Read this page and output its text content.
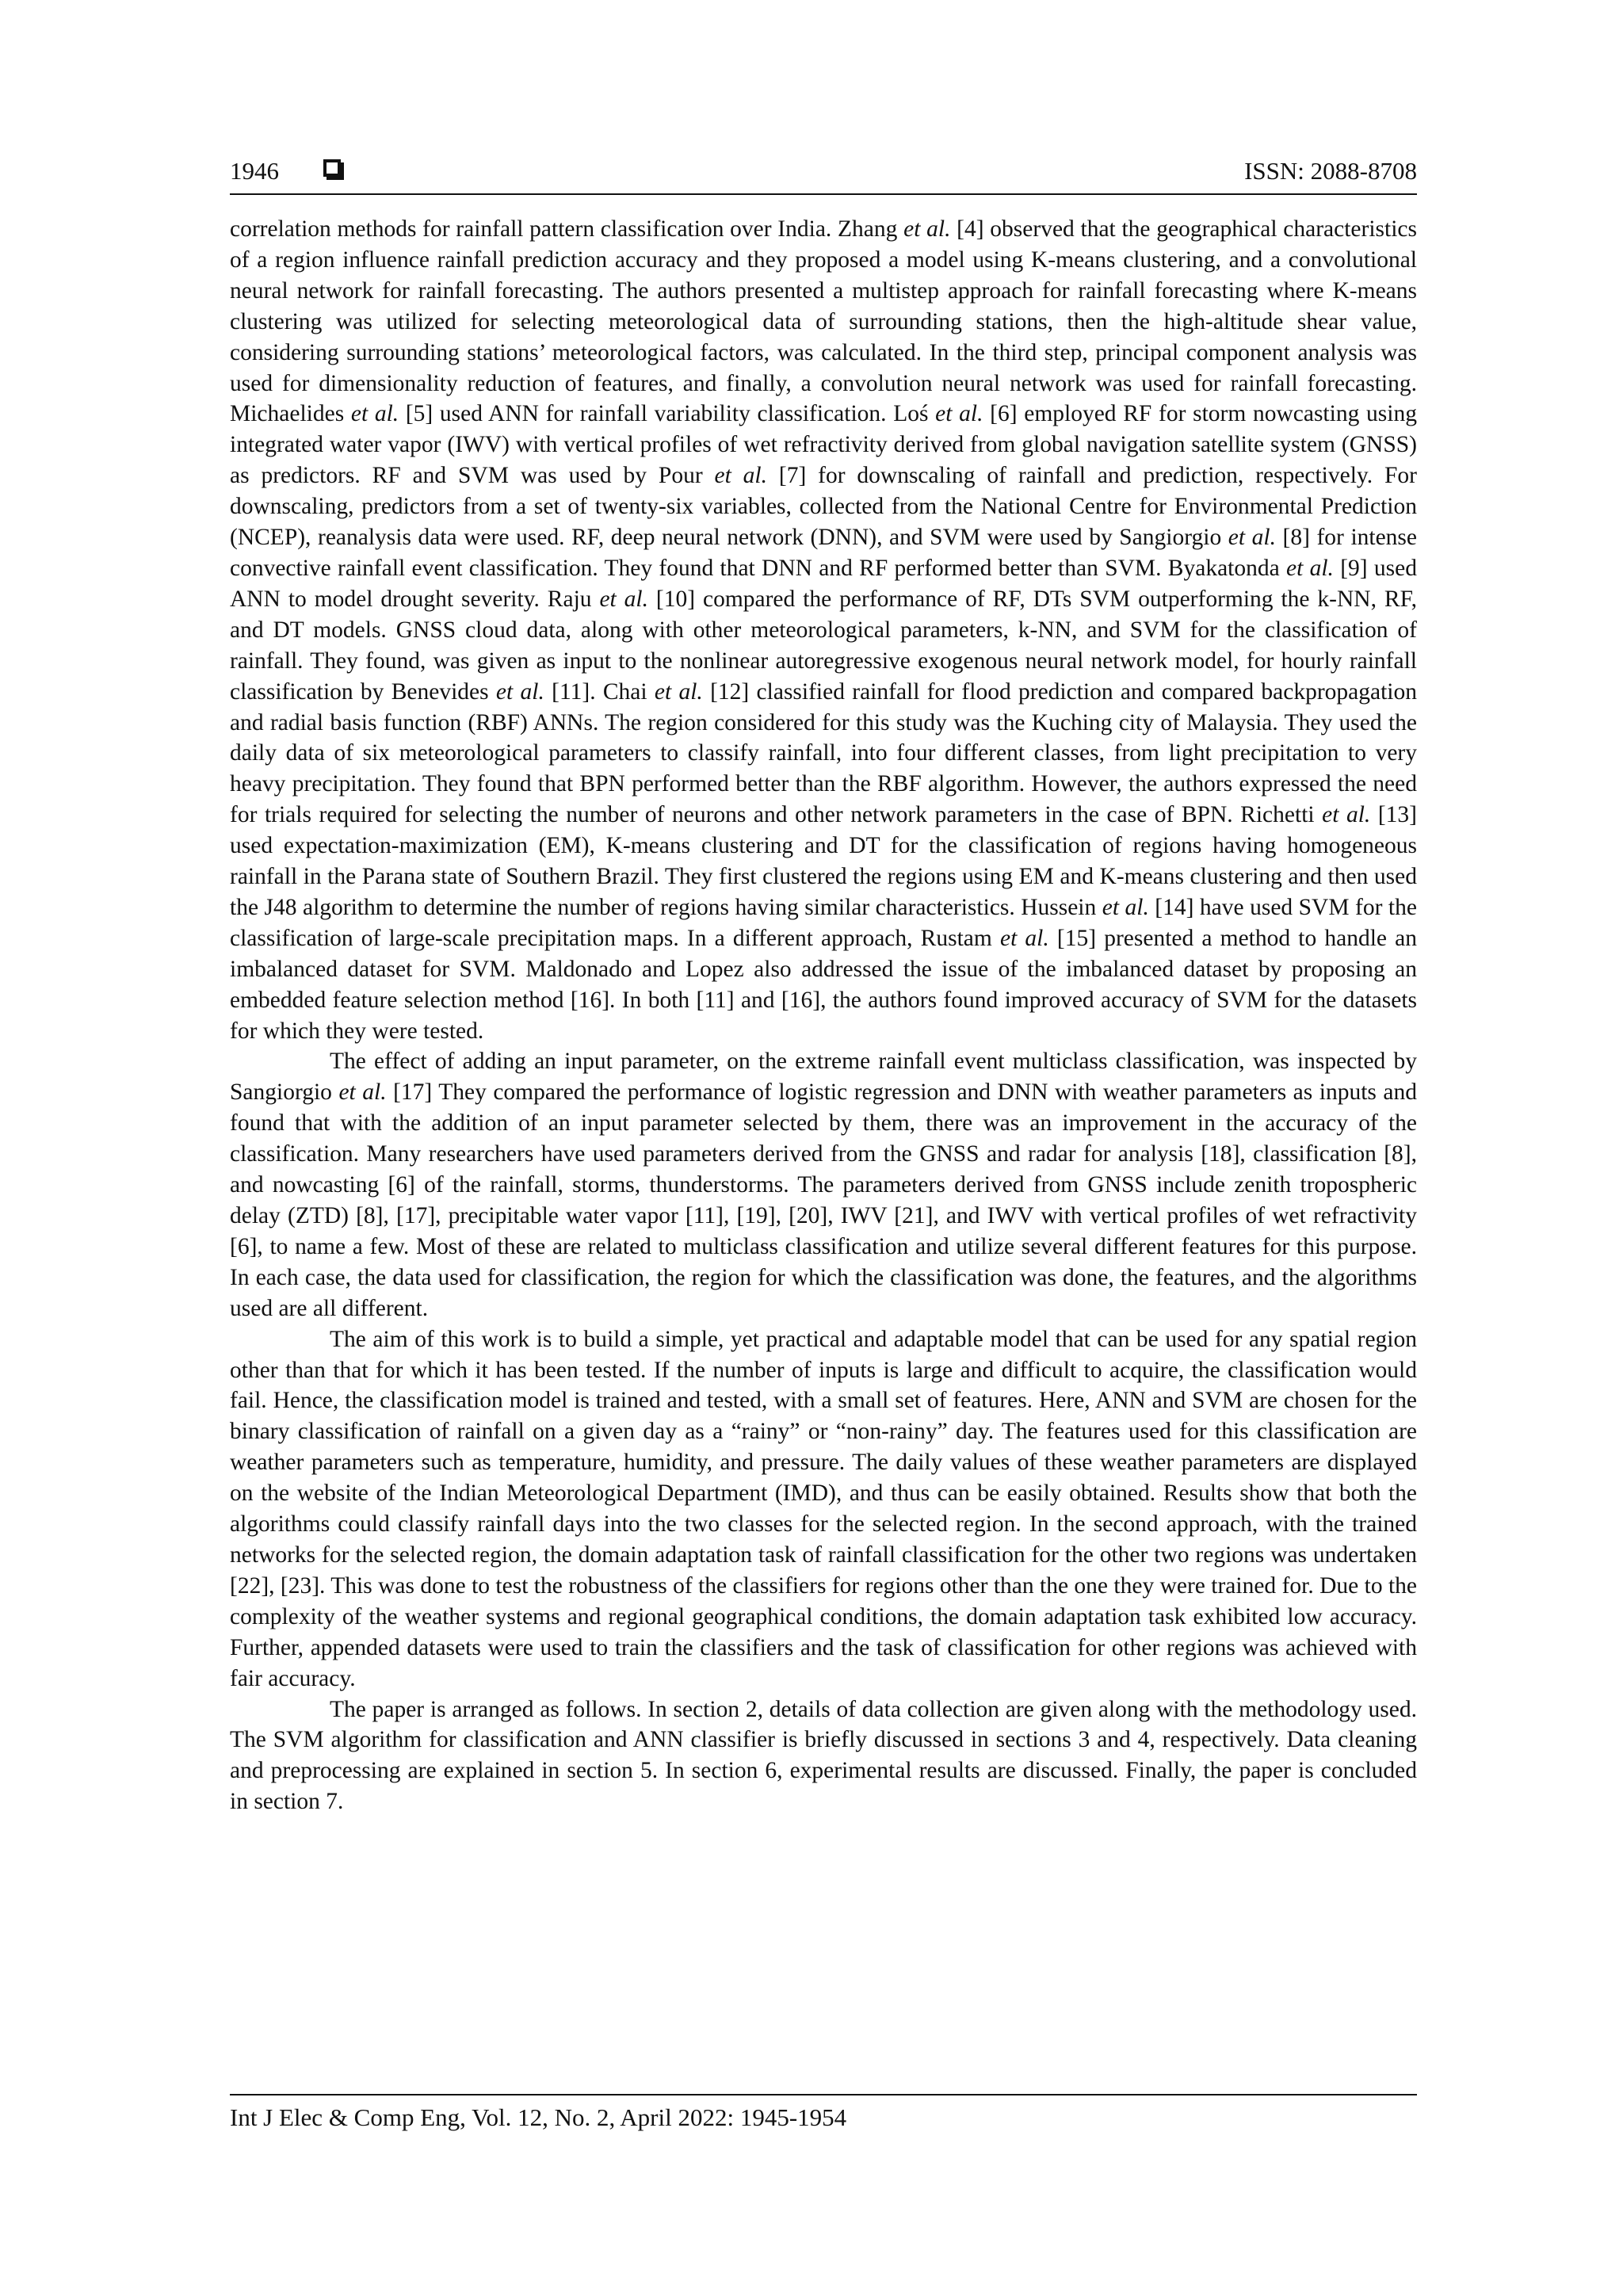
1946	ISSN: 2088-8708

correlation methods for rainfall pattern classification over India. Zhang et al. [4] observed that the geographical characteristics of a region influence rainfall prediction accuracy and they proposed a model using K-means clustering, and a convolutional neural network for rainfall forecasting. The authors presented a multistep approach for rainfall forecasting where K-means clustering was utilized for selecting meteorological data of surrounding stations, then the high-altitude shear value, considering surrounding stations’ meteorological factors, was calculated. In the third step, principal component analysis was used for dimensionality reduction of features, and finally, a convolution neural network was used for rainfall forecasting. Michaelides et al. [5] used ANN for rainfall variability classification. Loś et al. [6] employed RF for storm nowcasting using integrated water vapor (IWV) with vertical profiles of wet refractivity derived from global navigation satellite system (GNSS) as predictors. RF and SVM was used by Pour et al. [7] for downscaling of rainfall and prediction, respectively. For downscaling, predictors from a set of twenty-six variables, collected from the National Centre for Environmental Prediction (NCEP), reanalysis data were used. RF, deep neural network (DNN), and SVM were used by Sangiorgio et al. [8] for intense convective rainfall event classification. They found that DNN and RF performed better than SVM. Byakatonda et al. [9] used ANN to model drought severity. Raju et al. [10] compared the performance of RF, DTs SVM outperforming the k-NN, RF, and DT models. GNSS cloud data, along with other meteorological parameters, k-NN, and SVM for the classification of rainfall. They found, was given as input to the nonlinear autoregressive exogenous neural network model, for hourly rainfall classification by Benevides et al. [11]. Chai et al. [12] classified rainfall for flood prediction and compared backpropagation and radial basis function (RBF) ANNs. The region considered for this study was the Kuching city of Malaysia. They used the daily data of six meteorological parameters to classify rainfall, into four different classes, from light precipitation to very heavy precipitation. They found that BPN performed better than the RBF algorithm. However, the authors expressed the need for trials required for selecting the number of neurons and other network parameters in the case of BPN. Richetti et al. [13] used expectation-maximization (EM), K-means clustering and DT for the classification of regions having homogeneous rainfall in the Parana state of Southern Brazil. They first clustered the regions using EM and K-means clustering and then used the J48 algorithm to determine the number of regions having similar characteristics. Hussein et al. [14] have used SVM for the classification of large-scale precipitation maps. In a different approach, Rustam et al. [15] presented a method to handle an imbalanced dataset for SVM. Maldonado and Lopez also addressed the issue of the imbalanced dataset by proposing an embedded feature selection method [16]. In both [11] and [16], the authors found improved accuracy of SVM for the datasets for which they were tested.

The effect of adding an input parameter, on the extreme rainfall event multiclass classification, was inspected by Sangiorgio et al. [17] They compared the performance of logistic regression and DNN with weather parameters as inputs and found that with the addition of an input parameter selected by them, there was an improvement in the accuracy of the classification. Many researchers have used parameters derived from the GNSS and radar for analysis [18], classification [8], and nowcasting [6] of the rainfall, storms, thunderstorms. The parameters derived from GNSS include zenith tropospheric delay (ZTD) [8], [17], precipitable water vapor [11], [19], [20], IWV [21], and IWV with vertical profiles of wet refractivity [6], to name a few. Most of these are related to multiclass classification and utilize several different features for this purpose. In each case, the data used for classification, the region for which the classification was done, the features, and the algorithms used are all different.

The aim of this work is to build a simple, yet practical and adaptable model that can be used for any spatial region other than that for which it has been tested. If the number of inputs is large and difficult to acquire, the classification would fail. Hence, the classification model is trained and tested, with a small set of features. Here, ANN and SVM are chosen for the binary classification of rainfall on a given day as a “rainy” or “non-rainy” day. The features used for this classification are weather parameters such as temperature, humidity, and pressure. The daily values of these weather parameters are displayed on the website of the Indian Meteorological Department (IMD), and thus can be easily obtained. Results show that both the algorithms could classify rainfall days into the two classes for the selected region. In the second approach, with the trained networks for the selected region, the domain adaptation task of rainfall classification for the other two regions was undertaken [22], [23]. This was done to test the robustness of the classifiers for regions other than the one they were trained for. Due to the complexity of the weather systems and regional geographical conditions, the domain adaptation task exhibited low accuracy. Further, appended datasets were used to train the classifiers and the task of classification for other regions was achieved with fair accuracy.

The paper is arranged as follows. In section 2, details of data collection are given along with the methodology used. The SVM algorithm for classification and ANN classifier is briefly discussed in sections 3 and 4, respectively. Data cleaning and preprocessing are explained in section 5. In section 6, experimental results are discussed. Finally, the paper is concluded in section 7.

Int J Elec & Comp Eng, Vol. 12, No. 2, April 2022: 1945-1954
